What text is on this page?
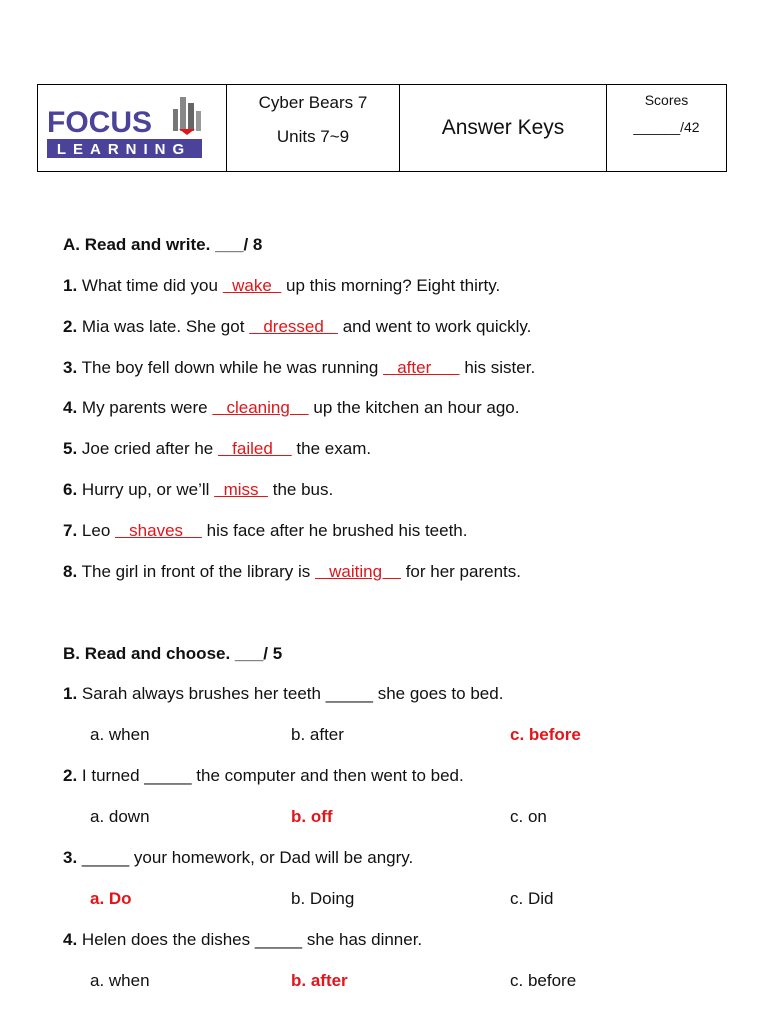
FOCUS
LEARNING
Cyber Bears 7
Units 7~9	Answer Keys
Scores
______/42
A. Read and write. ___/ 8
1. What time did you   wake   up this morning? Eight thirty.
2. Mia was late. She got    dressed    and went to work quickly.
3. The boy fell down while he was running    after       his sister.
4. My parents were    cleaning     up the kitchen an hour ago.
5. Joe cried after he    failed     the exam.
6. Hurry up, or we’ll   miss   the bus.
7. Leo    shaves     his face after he brushed his teeth.
8. The girl in front of the library is    waiting     for her parents.
B. Read and choose. ___/ 5
1. Sarah always brushes her teeth _____ she goes to bed.
a. when	b. after	c. before
2. I turned _____ the computer and then went to bed.
a. down	b. off	c. on
3. _____ your homework, or Dad will be angry.
a. Do	b. Doing	c. Did
4. Helen does the dishes _____ she has dinner.
a. when	b. after	c. before
